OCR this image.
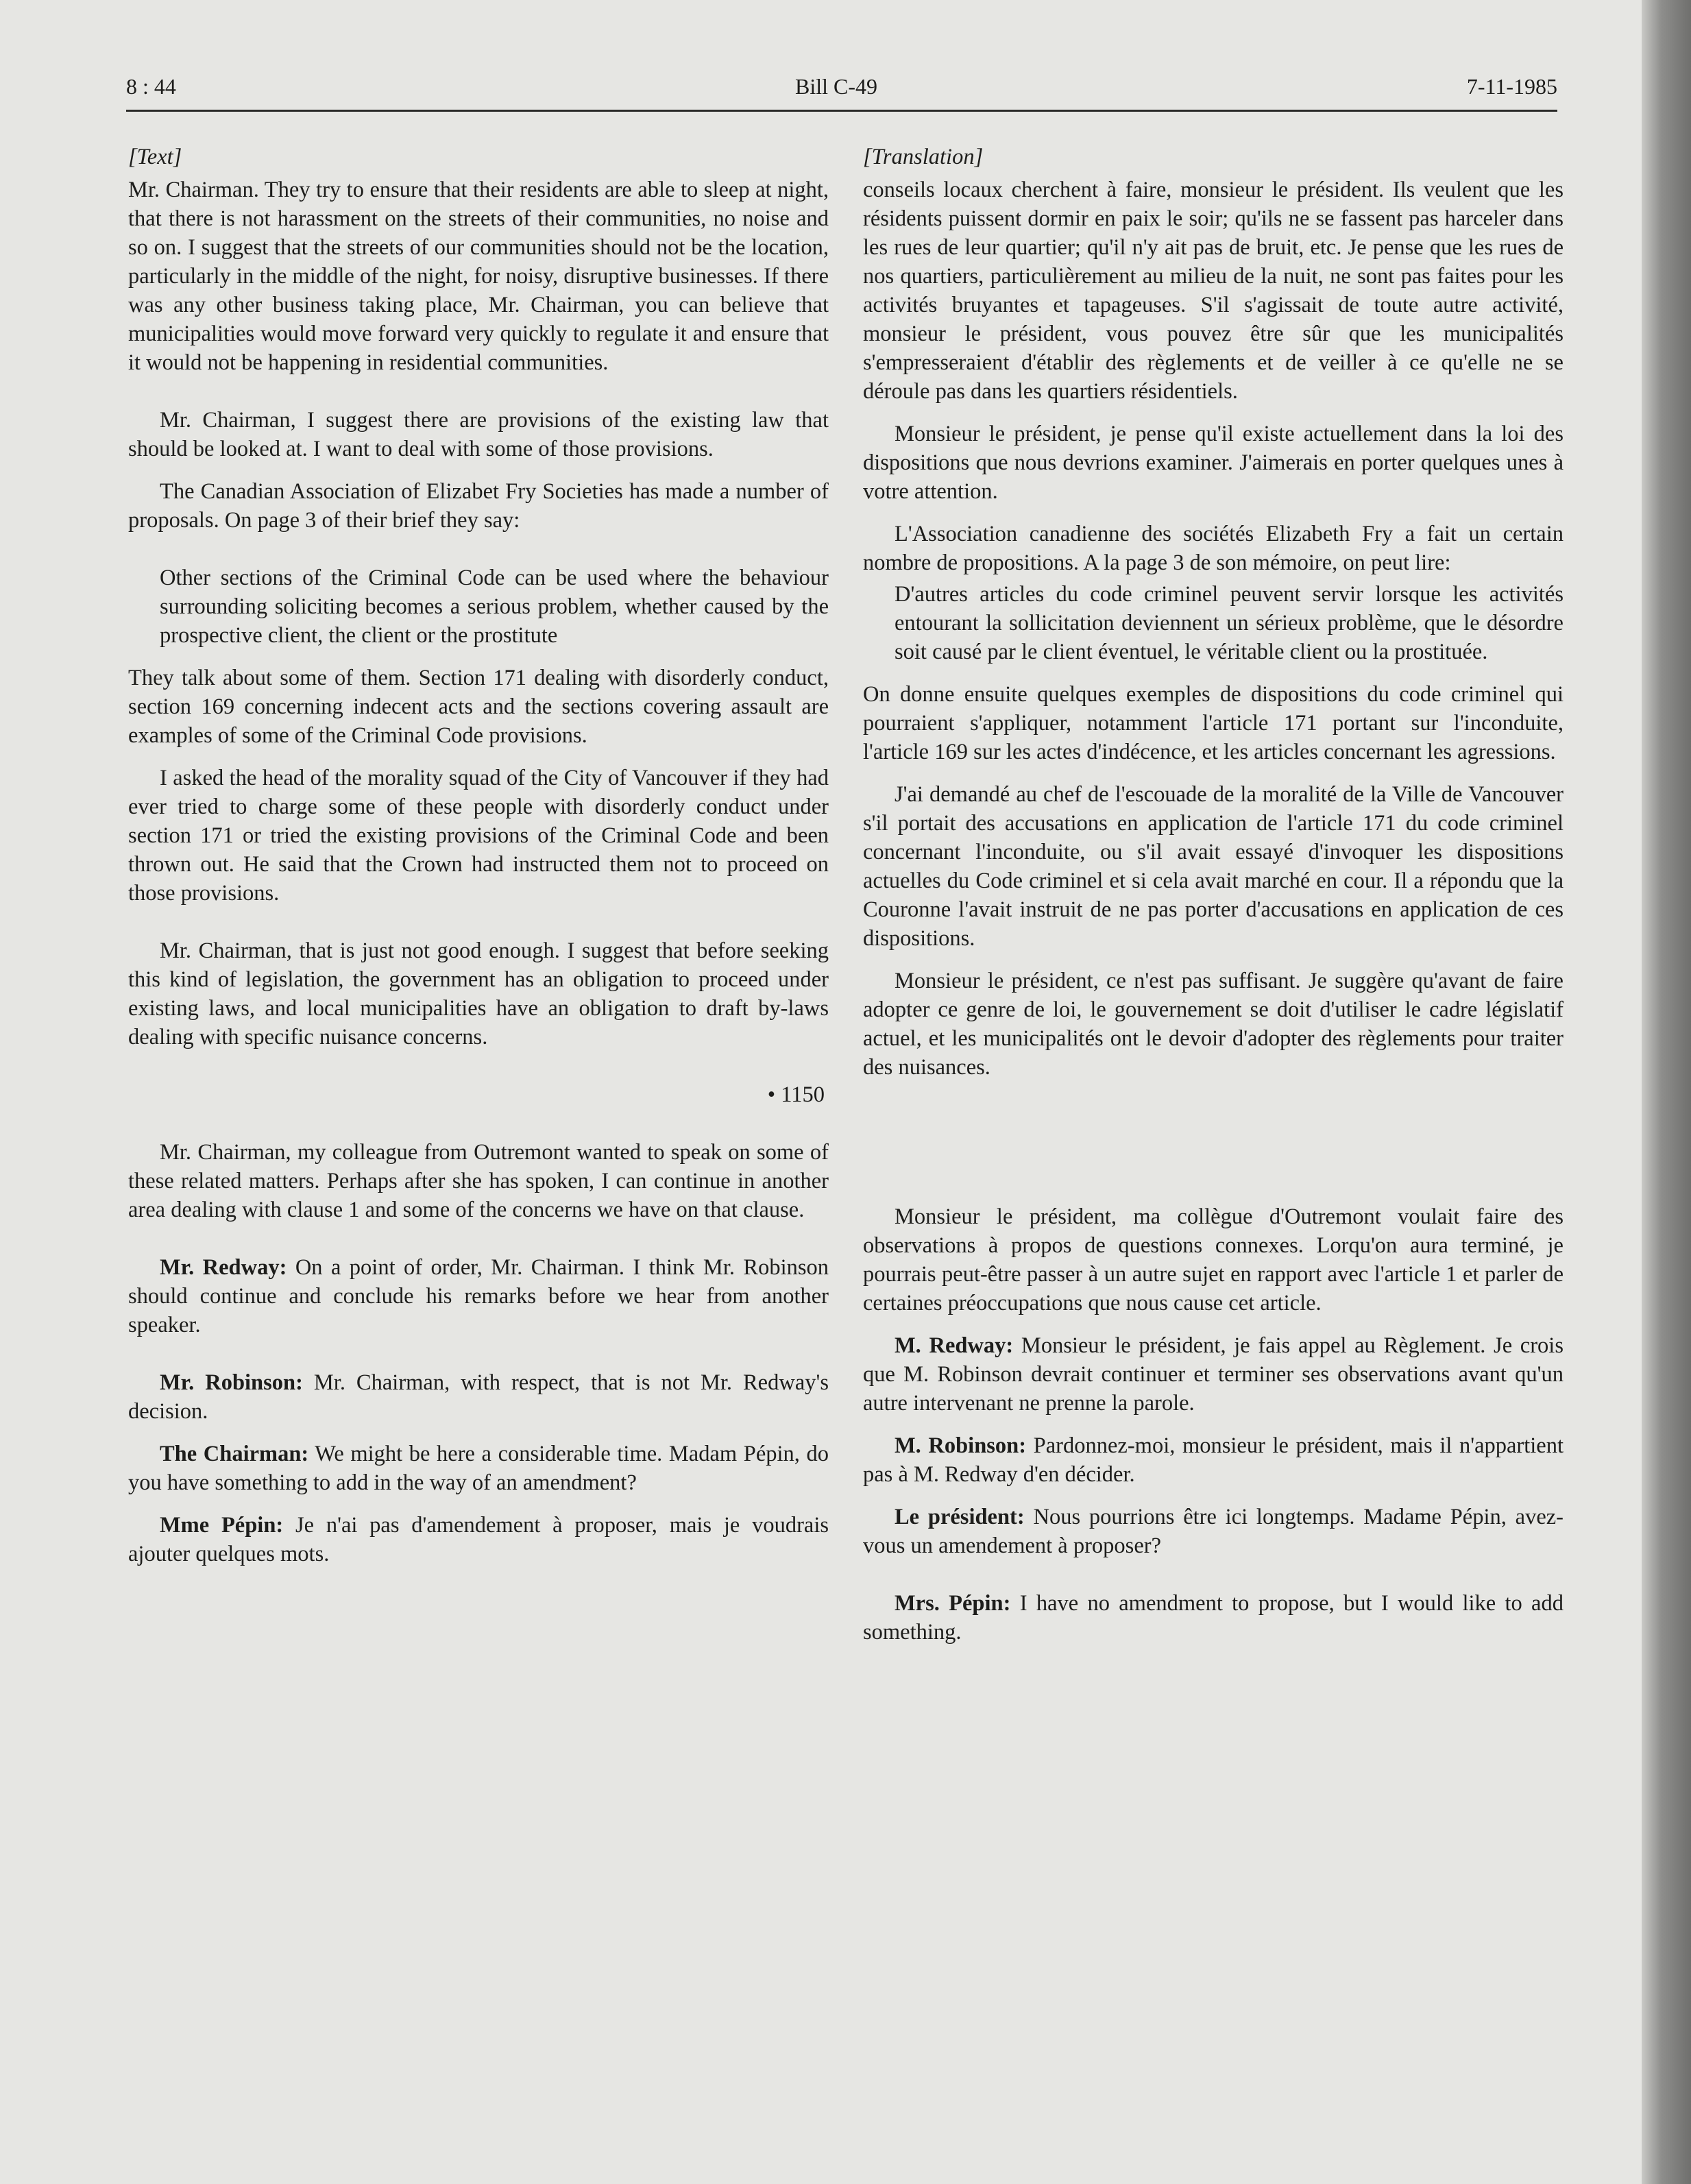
8 : 44	Bill C-49	7-11-1985

[Text]

Mr. Chairman. They try to ensure that their residents are able to sleep at night, that there is not harassment on the streets of their communities, no noise and so on. I suggest that the streets of our communities should not be the location, particularly in the middle of the night, for noisy, disruptive businesses. If there was any other business taking place, Mr. Chairman, you can believe that municipalities would move forward very quickly to regulate it and ensure that it would not be happening in residential communities.

Mr. Chairman, I suggest there are provisions of the existing law that should be looked at. I want to deal with some of those provisions.

The Canadian Association of Elizabet Fry Societies has made a number of proposals. On page 3 of their brief they say:

Other sections of the Criminal Code can be used where the behaviour surrounding soliciting becomes a serious problem, whether caused by the prospective client, the client or the prostitute

They talk about some of them. Section 171 dealing with disorderly conduct, section 169 concerning indecent acts and the sections covering assault are examples of some of the Criminal Code provisions.

I asked the head of the morality squad of the City of Vancouver if they had ever tried to charge some of these people with disorderly conduct under section 171 or tried the existing provisions of the Criminal Code and been thrown out. He said that the Crown had instructed them not to proceed on those provisions.

Mr. Chairman, that is just not good enough. I suggest that before seeking this kind of legislation, the government has an obligation to proceed under existing laws, and local municipalities have an obligation to draft by-laws dealing with specific nuisance concerns.

• 1150

Mr. Chairman, my colleague from Outremont wanted to speak on some of these related matters. Perhaps after she has spoken, I can continue in another area dealing with clause 1 and some of the concerns we have on that clause.

Mr. Redway: On a point of order, Mr. Chairman. I think Mr. Robinson should continue and conclude his remarks before we hear from another speaker.

Mr. Robinson: Mr. Chairman, with respect, that is not Mr. Redway's decision.

The Chairman: We might be here a considerable time. Madam Pépin, do you have something to add in the way of an amendment?

Mme Pépin: Je n'ai pas d'amendement à proposer, mais je voudrais ajouter quelques mots.

[Translation]

conseils locaux cherchent à faire, monsieur le président. Ils veulent que les résidents puissent dormir en paix le soir; qu'ils ne se fassent pas harceler dans les rues de leur quartier; qu'il n'y ait pas de bruit, etc. Je pense que les rues de nos quartiers, particulièrement au milieu de la nuit, ne sont pas faites pour les activités bruyantes et tapageuses. S'il s'agissait de toute autre activité, monsieur le président, vous pouvez être sûr que les municipalités s'empresseraient d'établir des règlements et de veiller à ce qu'elle ne se déroule pas dans les quartiers résidentiels.

Monsieur le président, je pense qu'il existe actuellement dans la loi des dispositions que nous devrions examiner. J'aimerais en porter quelques unes à votre attention.

L'Association canadienne des sociétés Elizabeth Fry a fait un certain nombre de propositions. A la page 3 de son mémoire, on peut lire:

D'autres articles du code criminel peuvent servir lorsque les activités entourant la sollicitation deviennent un sérieux problème, que le désordre soit causé par le client éventuel, le véritable client ou la prostituée.

On donne ensuite quelques exemples de dispositions du code criminel qui pourraient s'appliquer, notamment l'article 171 portant sur l'inconduite, l'article 169 sur les actes d'indécence, et les articles concernant les agressions.

J'ai demandé au chef de l'escouade de la moralité de la Ville de Vancouver s'il portait des accusations en application de l'article 171 du code criminel concernant l'inconduite, ou s'il avait essayé d'invoquer les dispositions actuelles du Code criminel et si cela avait marché en cour. Il a répondu que la Couronne l'avait instruit de ne pas porter d'accusations en application de ces dispositions.

Monsieur le président, ce n'est pas suffisant. Je suggère qu'avant de faire adopter ce genre de loi, le gouvernement se doit d'utiliser le cadre législatif actuel, et les municipalités ont le devoir d'adopter des règlements pour traiter des nuisances.

Monsieur le président, ma collègue d'Outremont voulait faire des observations à propos de questions connexes. Lorqu'on aura terminé, je pourrais peut-être passer à un autre sujet en rapport avec l'article 1 et parler de certaines préoccupations que nous cause cet article.

M. Redway: Monsieur le président, je fais appel au Règlement. Je crois que M. Robinson devrait continuer et terminer ses observations avant qu'un autre intervenant ne prenne la parole.

M. Robinson: Pardonnez-moi, monsieur le président, mais il n'appartient pas à M. Redway d'en décider.

Le président: Nous pourrions être ici longtemps. Madame Pépin, avez-vous un amendement à proposer?

Mrs. Pépin: I have no amendment to propose, but I would like to add something.
